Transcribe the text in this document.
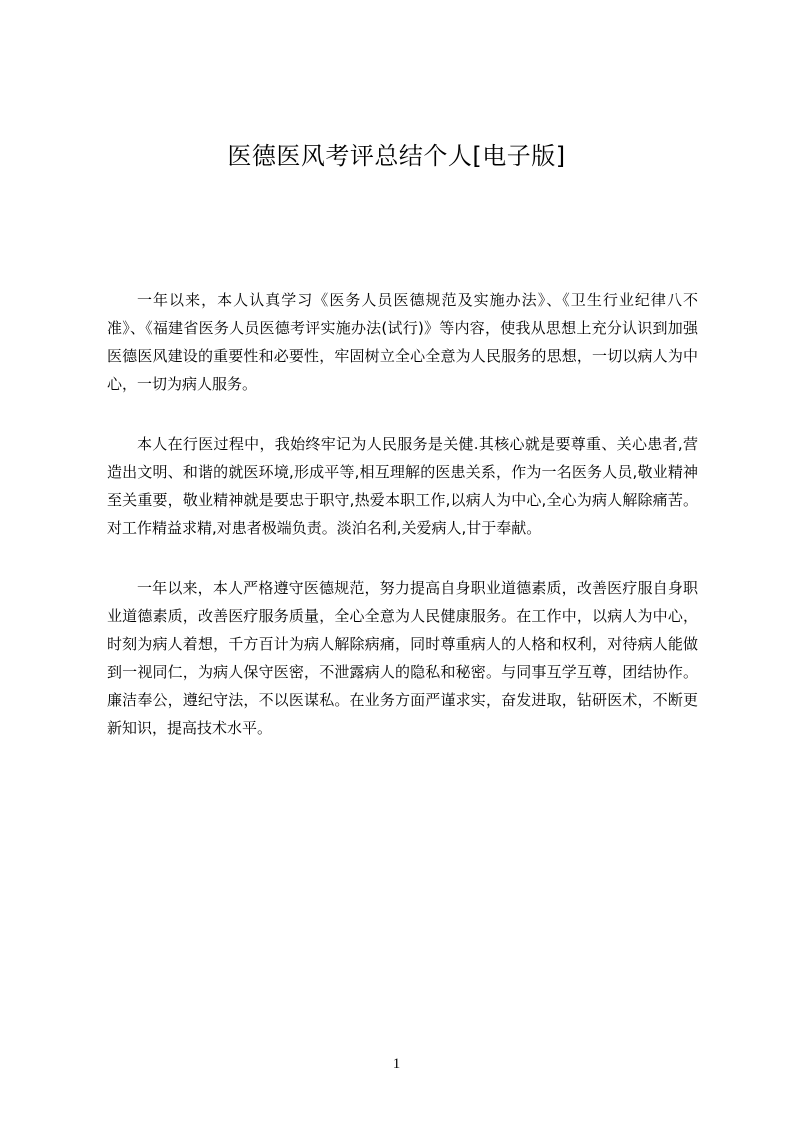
医德医风考评总结个人[电子版]

一年以来，本人认真学习《医务人员医德规范及实施办法》、《卫生行业纪律八不准》、《福建省医务人员医德考评实施办法(试行)》等内容，使我从思想上充分认识到加强医德医风建设的重要性和必要性，牢固树立全心全意为人民服务的思想，一切以病人为中心，一切为病人服务。

本人在行医过程中，我始终牢记为人民服务是关健.其核心就是要尊重、关心患者,营造出文明、和谐的就医环境,形成平等,相互理解的医患关系，作为一名医务人员,敬业精神至关重要，敬业精神就是要忠于职守,热爱本职工作,以病人为中心,全心为病人解除痛苦。对工作精益求精,对患者极端负责。淡泊名利,关爱病人,甘于奉献。

一年以来，本人严格遵守医德规范，努力提高自身职业道德素质，改善医疗服自身职业道德素质，改善医疗服务质量，全心全意为人民健康服务。在工作中，以病人为中心，时刻为病人着想，千方百计为病人解除病痛，同时尊重病人的人格和权利，对待病人能做到一视同仁，为病人保守医密，不泄露病人的隐私和秘密。与同事互学互尊，团结协作。廉洁奉公，遵纪守法，不以医谋私。在业务方面严谨求实，奋发进取，钻研医术，不断更新知识，提高技术水平。

1
